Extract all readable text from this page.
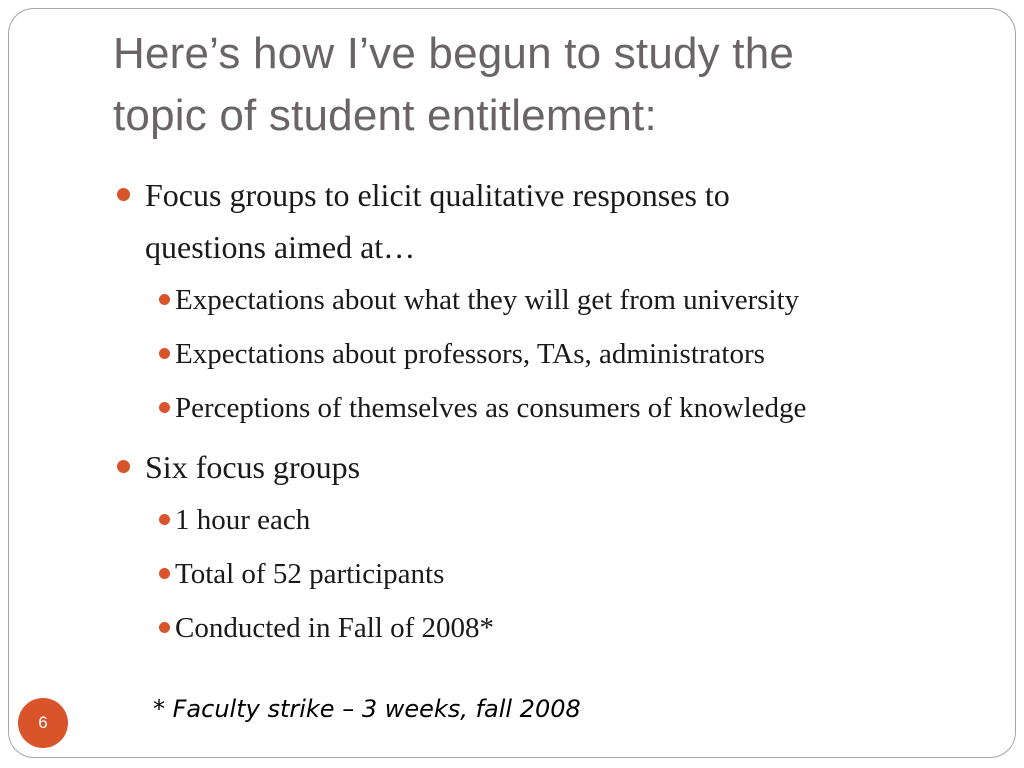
Here’s how I’ve begun to study the
topic of student entitlement:
Focus groups to elicit qualitative responses to
questions aimed at…
Expectations about what they will get from university
Expectations about professors, TAs, administrators
Perceptions of themselves as consumers of knowledge
Six focus groups
1 hour each
Total of 52 participants
Conducted in Fall of 2008*
* Faculty strike – 3 weeks, fall 2008
6
